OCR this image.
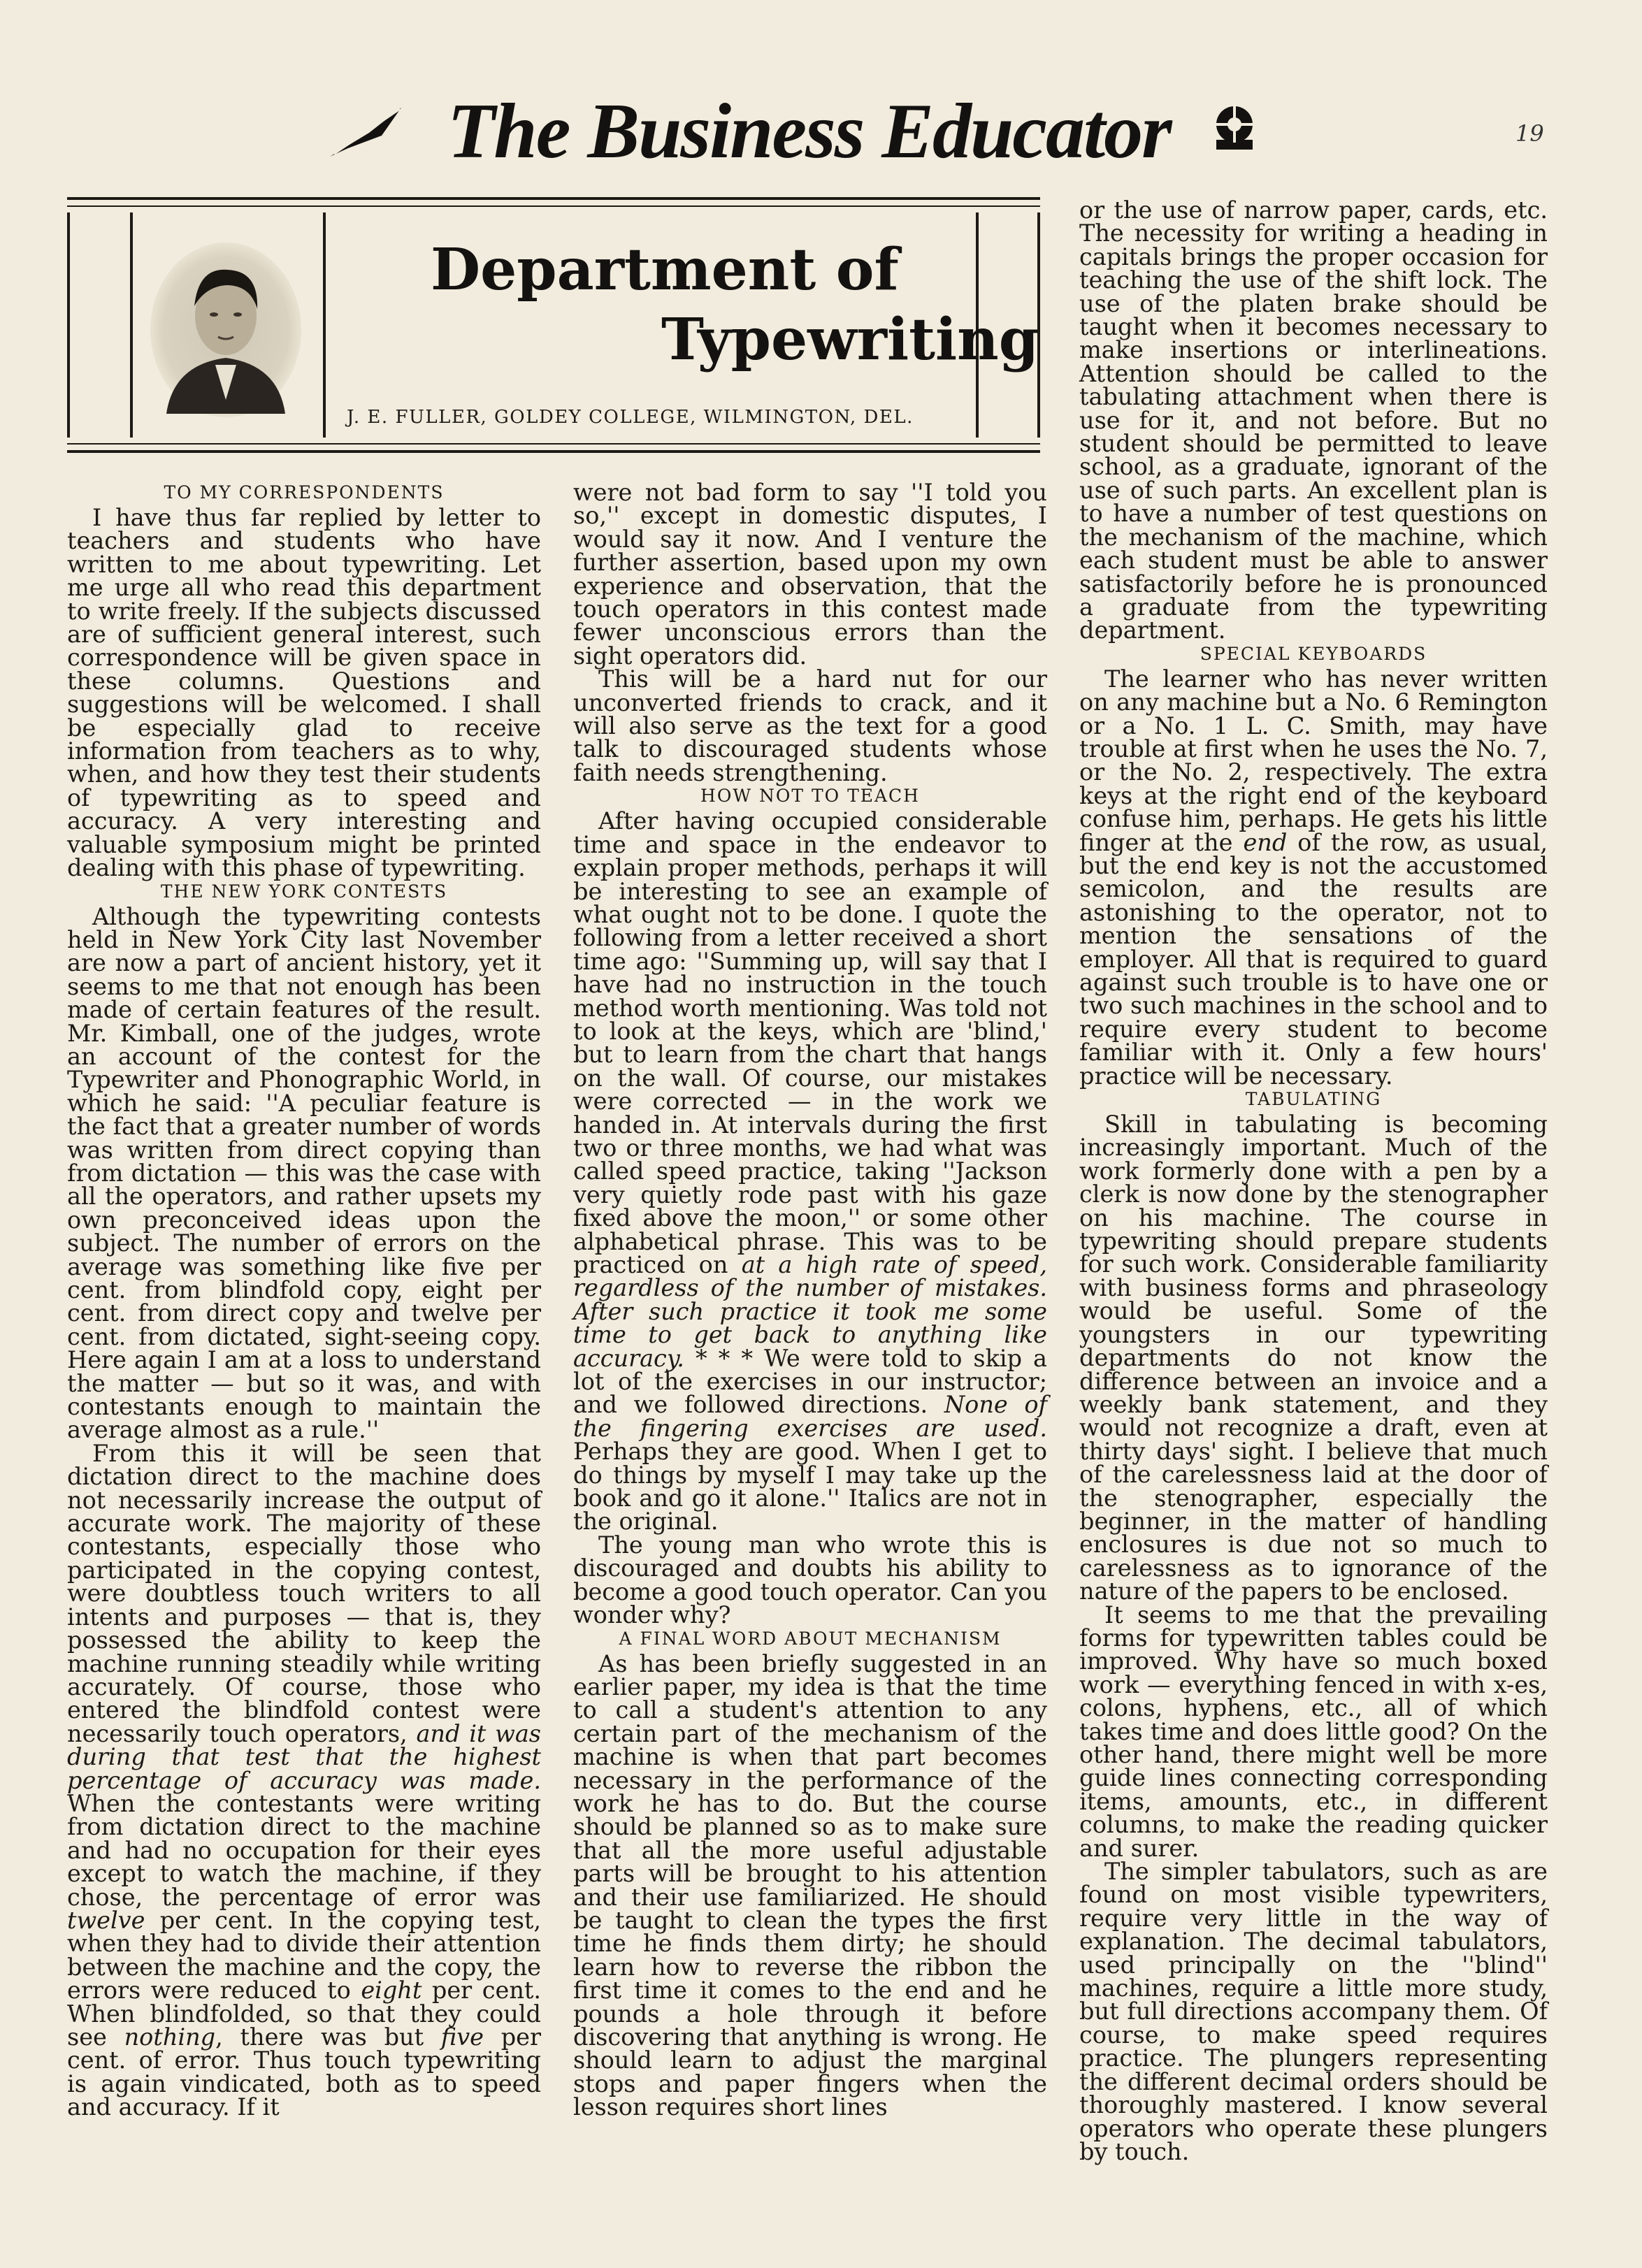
The Business Educator	19
Department of
Typewriting
J. E. FULLER, GOLDEY COLLEGE, WILMINGTON, DEL.
TO MY CORRESPONDENTS

I have thus far replied by letter to teachers and students who have written to me about typewriting. Let me urge all who read this department to write freely. If the subjects discussed are of sufficient general interest, such correspondence will be given space in these columns. Questions and suggestions will be welcomed. I shall be especially glad to receive information from teachers as to why, when, and how they test their students of typewriting as to speed and accuracy. A very interesting and valuable symposium might be printed dealing with this phase of typewriting.

THE NEW YORK CONTESTS

Although the typewriting contests held in New York City last November are now a part of ancient history, yet it seems to me that not enough has been made of certain features of the result. Mr. Kimball, one of the judges, wrote an account of the contest for the Typewriter and Phonographic World, in which he said: ''A peculiar feature is the fact that a greater number of words was written from direct copying than from dictation — this was the case with all the operators, and rather upsets my own preconceived ideas upon the subject. The number of errors on the average was something like five per cent. from blindfold copy, eight per cent. from direct copy and twelve per cent. from dictated, sight-seeing copy. Here again I am at a loss to understand the matter — but so it was, and with contestants enough to maintain the average almost as a rule.''

From this it will be seen that dictation direct to the machine does not necessarily increase the output of accurate work. The majority of these contestants, especially those who participated in the copying contest, were doubtless touch writers to all intents and purposes — that is, they possessed the ability to keep the machine running steadily while writing accurately. Of course, those who entered the blindfold contest were necessarily touch operators, and it was during that test that the highest percentage of accuracy was made. When the contestants were writing from dictation direct to the machine and had no occupation for their eyes except to watch the machine, if they chose, the percentage of error was twelve per cent. In the copying test, when they had to divide their attention between the machine and the copy, the errors were reduced to eight per cent. When blindfolded, so that they could see nothing, there was but five per cent. of error. Thus touch typewriting is again vindicated, both as to speed and accuracy. If it

were not bad form to say ''I told you so,'' except in domestic disputes, I would say it now. And I venture the further assertion, based upon my own experience and observation, that the touch operators in this contest made fewer unconscious errors than the sight operators did.

This will be a hard nut for our unconverted friends to crack, and it will also serve as the text for a good talk to discouraged students whose faith needs strengthening.

HOW NOT TO TEACH

After having occupied considerable time and space in the endeavor to explain proper methods, perhaps it will be interesting to see an example of what ought not to be done. I quote the following from a letter received a short time ago: ''Summing up, will say that I have had no instruction in the touch method worth mentioning. Was told not to look at the keys, which are 'blind,' but to learn from the chart that hangs on the wall. Of course, our mistakes were corrected — in the work we handed in. At intervals during the first two or three months, we had what was called speed practice, taking ''Jackson very quietly rode past with his gaze fixed above the moon,'' or some other alphabetical phrase. This was to be practiced on at a high rate of speed, regardless of the number of mistakes. After such practice it took me some time to get back to anything like accuracy. * * * We were told to skip a lot of the exercises in our instructor; and we followed directions. None of the fingering exercises are used. Perhaps they are good. When I get to do things by myself I may take up the book and go it alone.'' Italics are not in the original.

The young man who wrote this is discouraged and doubts his ability to become a good touch operator. Can you wonder why?

A FINAL WORD ABOUT MECHANISM

As has been briefly suggested in an earlier paper, my idea is that the time to call a student's attention to any certain part of the mechanism of the machine is when that part becomes necessary in the performance of the work he has to do. But the course should be planned so as to make sure that all the more useful adjustable parts will be brought to his attention and their use familiarized. He should be taught to clean the types the first time he finds them dirty; he should learn how to reverse the ribbon the first time it comes to the end and he pounds a hole through it before discovering that anything is wrong. He should learn to adjust the marginal stops and paper fingers when the lesson requires short lines

or the use of narrow paper, cards, etc. The necessity for writing a heading in capitals brings the proper occasion for teaching the use of the shift lock. The use of the platen brake should be taught when it becomes necessary to make insertions or interlineations. Attention should be called to the tabulating attachment when there is use for it, and not before. But no student should be permitted to leave school, as a graduate, ignorant of the use of such parts. An excellent plan is to have a number of test questions on the mechanism of the machine, which each student must be able to answer satisfactorily before he is pronounced a graduate from the typewriting department.

SPECIAL KEYBOARDS

The learner who has never written on any machine but a No. 6 Remington or a No. 1 L. C. Smith, may have trouble at first when he uses the No. 7, or the No. 2, respectively. The extra keys at the right end of the keyboard confuse him, perhaps. He gets his little finger at the end of the row, as usual, but the end key is not the accustomed semicolon, and the results are astonishing to the operator, not to mention the sensations of the employer. All that is required to guard against such trouble is to have one or two such machines in the school and to require every student to become familiar with it. Only a few hours' practice will be necessary.

TABULATING

Skill in tabulating is becoming increasingly important. Much of the work formerly done with a pen by a clerk is now done by the stenographer on his machine. The course in typewriting should prepare students for such work. Considerable familiarity with business forms and phraseology would be useful. Some of the youngsters in our typewriting departments do not know the difference between an invoice and a weekly bank statement, and they would not recognize a draft, even at thirty days' sight. I believe that much of the carelessness laid at the door of the stenographer, especially the beginner, in the matter of handling enclosures is due not so much to carelessness as to ignorance of the nature of the papers to be enclosed.

It seems to me that the prevailing forms for typewritten tables could be improved. Why have so much boxed work — everything fenced in with x-es, colons, hyphens, etc., all of which takes time and does little good? On the other hand, there might well be more guide lines connecting corresponding items, amounts, etc., in different columns, to make the reading quicker and surer.

The simpler tabulators, such as are found on most visible typewriters, require very little in the way of explanation. The decimal tabulators, used principally on the ''blind'' machines, require a little more study, but full directions accompany them. Of course, to make speed requires practice. The plungers representing the different decimal orders should be thoroughly mastered. I know several operators who operate these plungers by touch.
